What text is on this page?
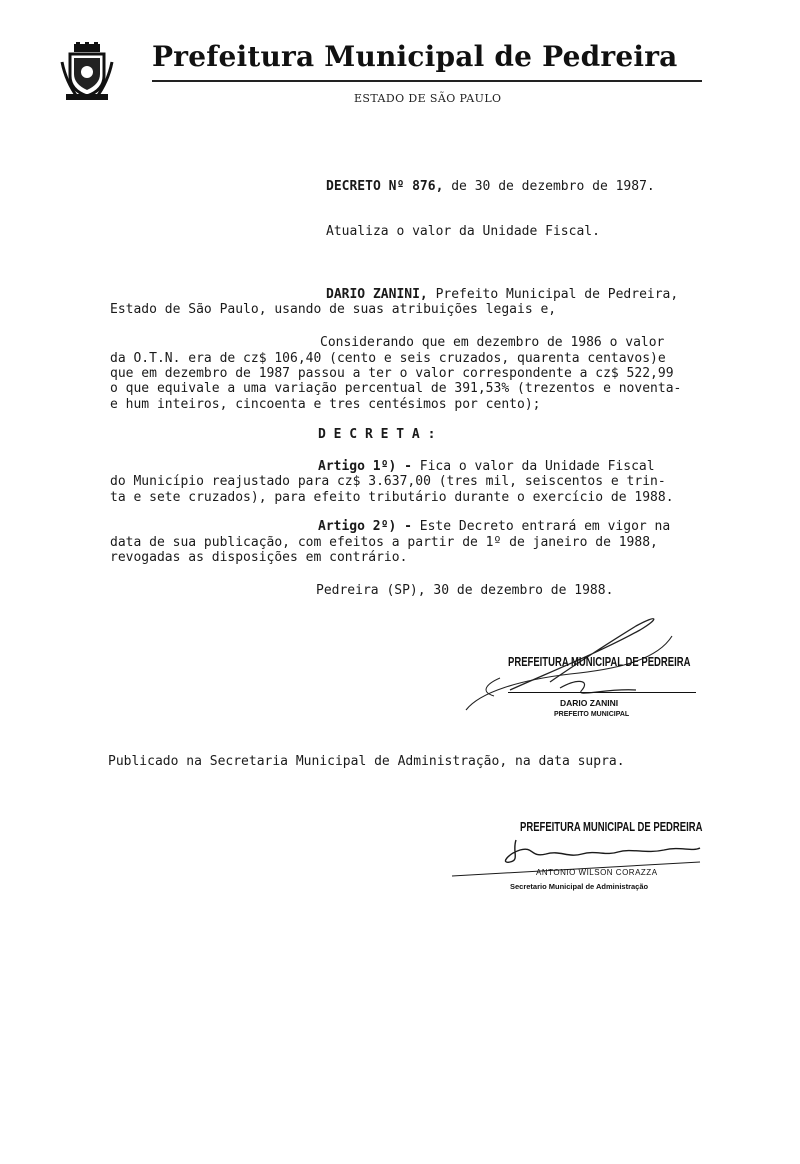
Prefeitura Municipal de Pedreira
ESTADO DE SÃO PAULO
DECRETO Nº 876, de 30 de dezembro de 1987.
Atualiza o valor da Unidade Fiscal.
DARIO ZANINI, Prefeito Municipal de Pedreira,
Estado de São Paulo, usando de suas atribuições legais e,
Considerando que em dezembro de 1986 o valor
da O.T.N. era de cz$ 106,40 (cento e seis cruzados, quarenta centavos)e
que em dezembro de 1987 passou a ter o valor correspondente a cz$ 522,99
o que equivale a uma variação percentual de 391,53% (trezentos e noventa-
e hum inteiros, cincoenta e tres centésimos por cento);
D E C R E T A :
Artigo 1º) - Fica o valor da Unidade Fiscal
do Município reajustado para cz$ 3.637,00 (tres mil, seiscentos e trin-
ta e sete cruzados), para efeito tributário durante o exercício de 1988.
Artigo 2º) - Este Decreto entrará em vigor na
data de sua publicação, com efeitos a partir de 1º de janeiro de 1988,
revogadas as disposições em contrário.
Pedreira (SP), 30 de dezembro de 1988.
PREFEITURA MUNICIPAL DE PEDREIRA
DARIO ZANINI
PREFEITO MUNICIPAL
Publicado na Secretaria Municipal de Administração, na data supra.
PREFEITURA MUNICIPAL DE PEDREIRA
ANTONIO WILSON CORAZZA
Secretario Municipal de Administração
